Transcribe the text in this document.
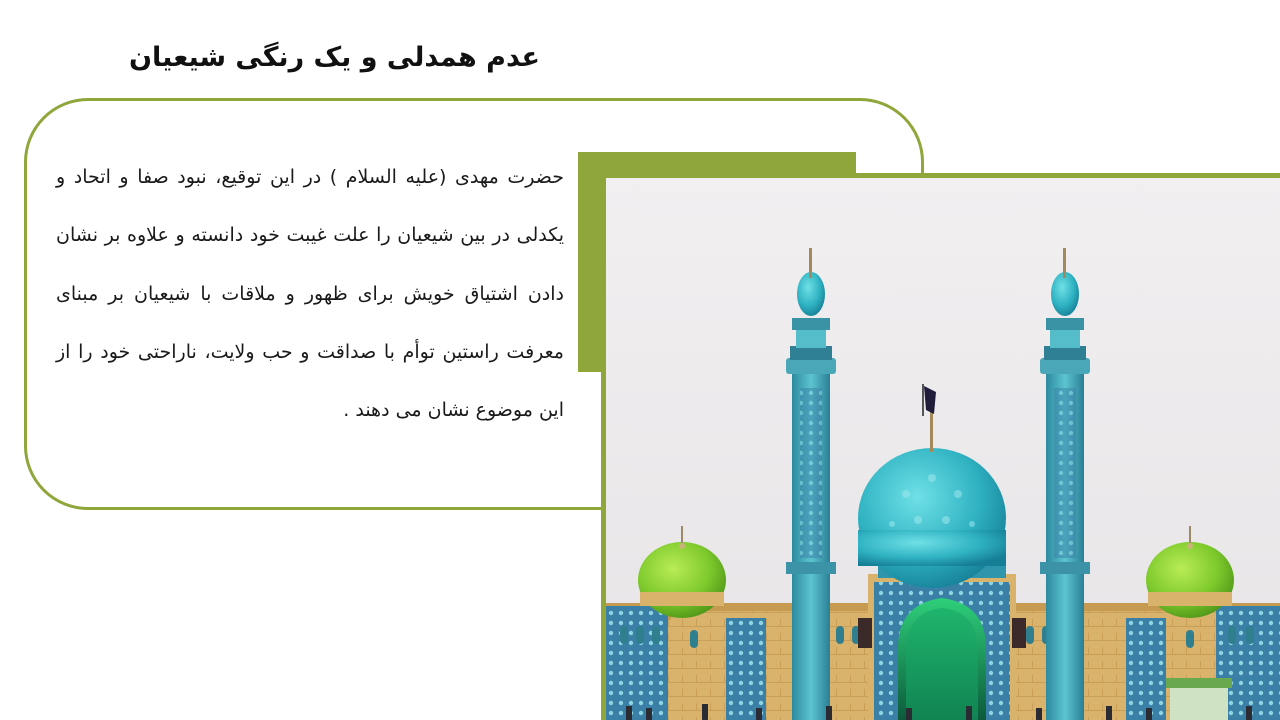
عدم همدلی و یک رنگی شیعیان

حضرت مهدی (علیه السلام ) در این توقیع، نبود صفا و اتحاد و یکدلی در بین شیعیان را علت غیبت خود دانسته و علاوه بر نشان دادن اشتیاق خویش برای ظهور و ملاقات با شیعیان بر مبنای معرفت راستین توأم با صداقت و حب ولایت، ناراحتی خود را از این موضوع نشان می دهند .
